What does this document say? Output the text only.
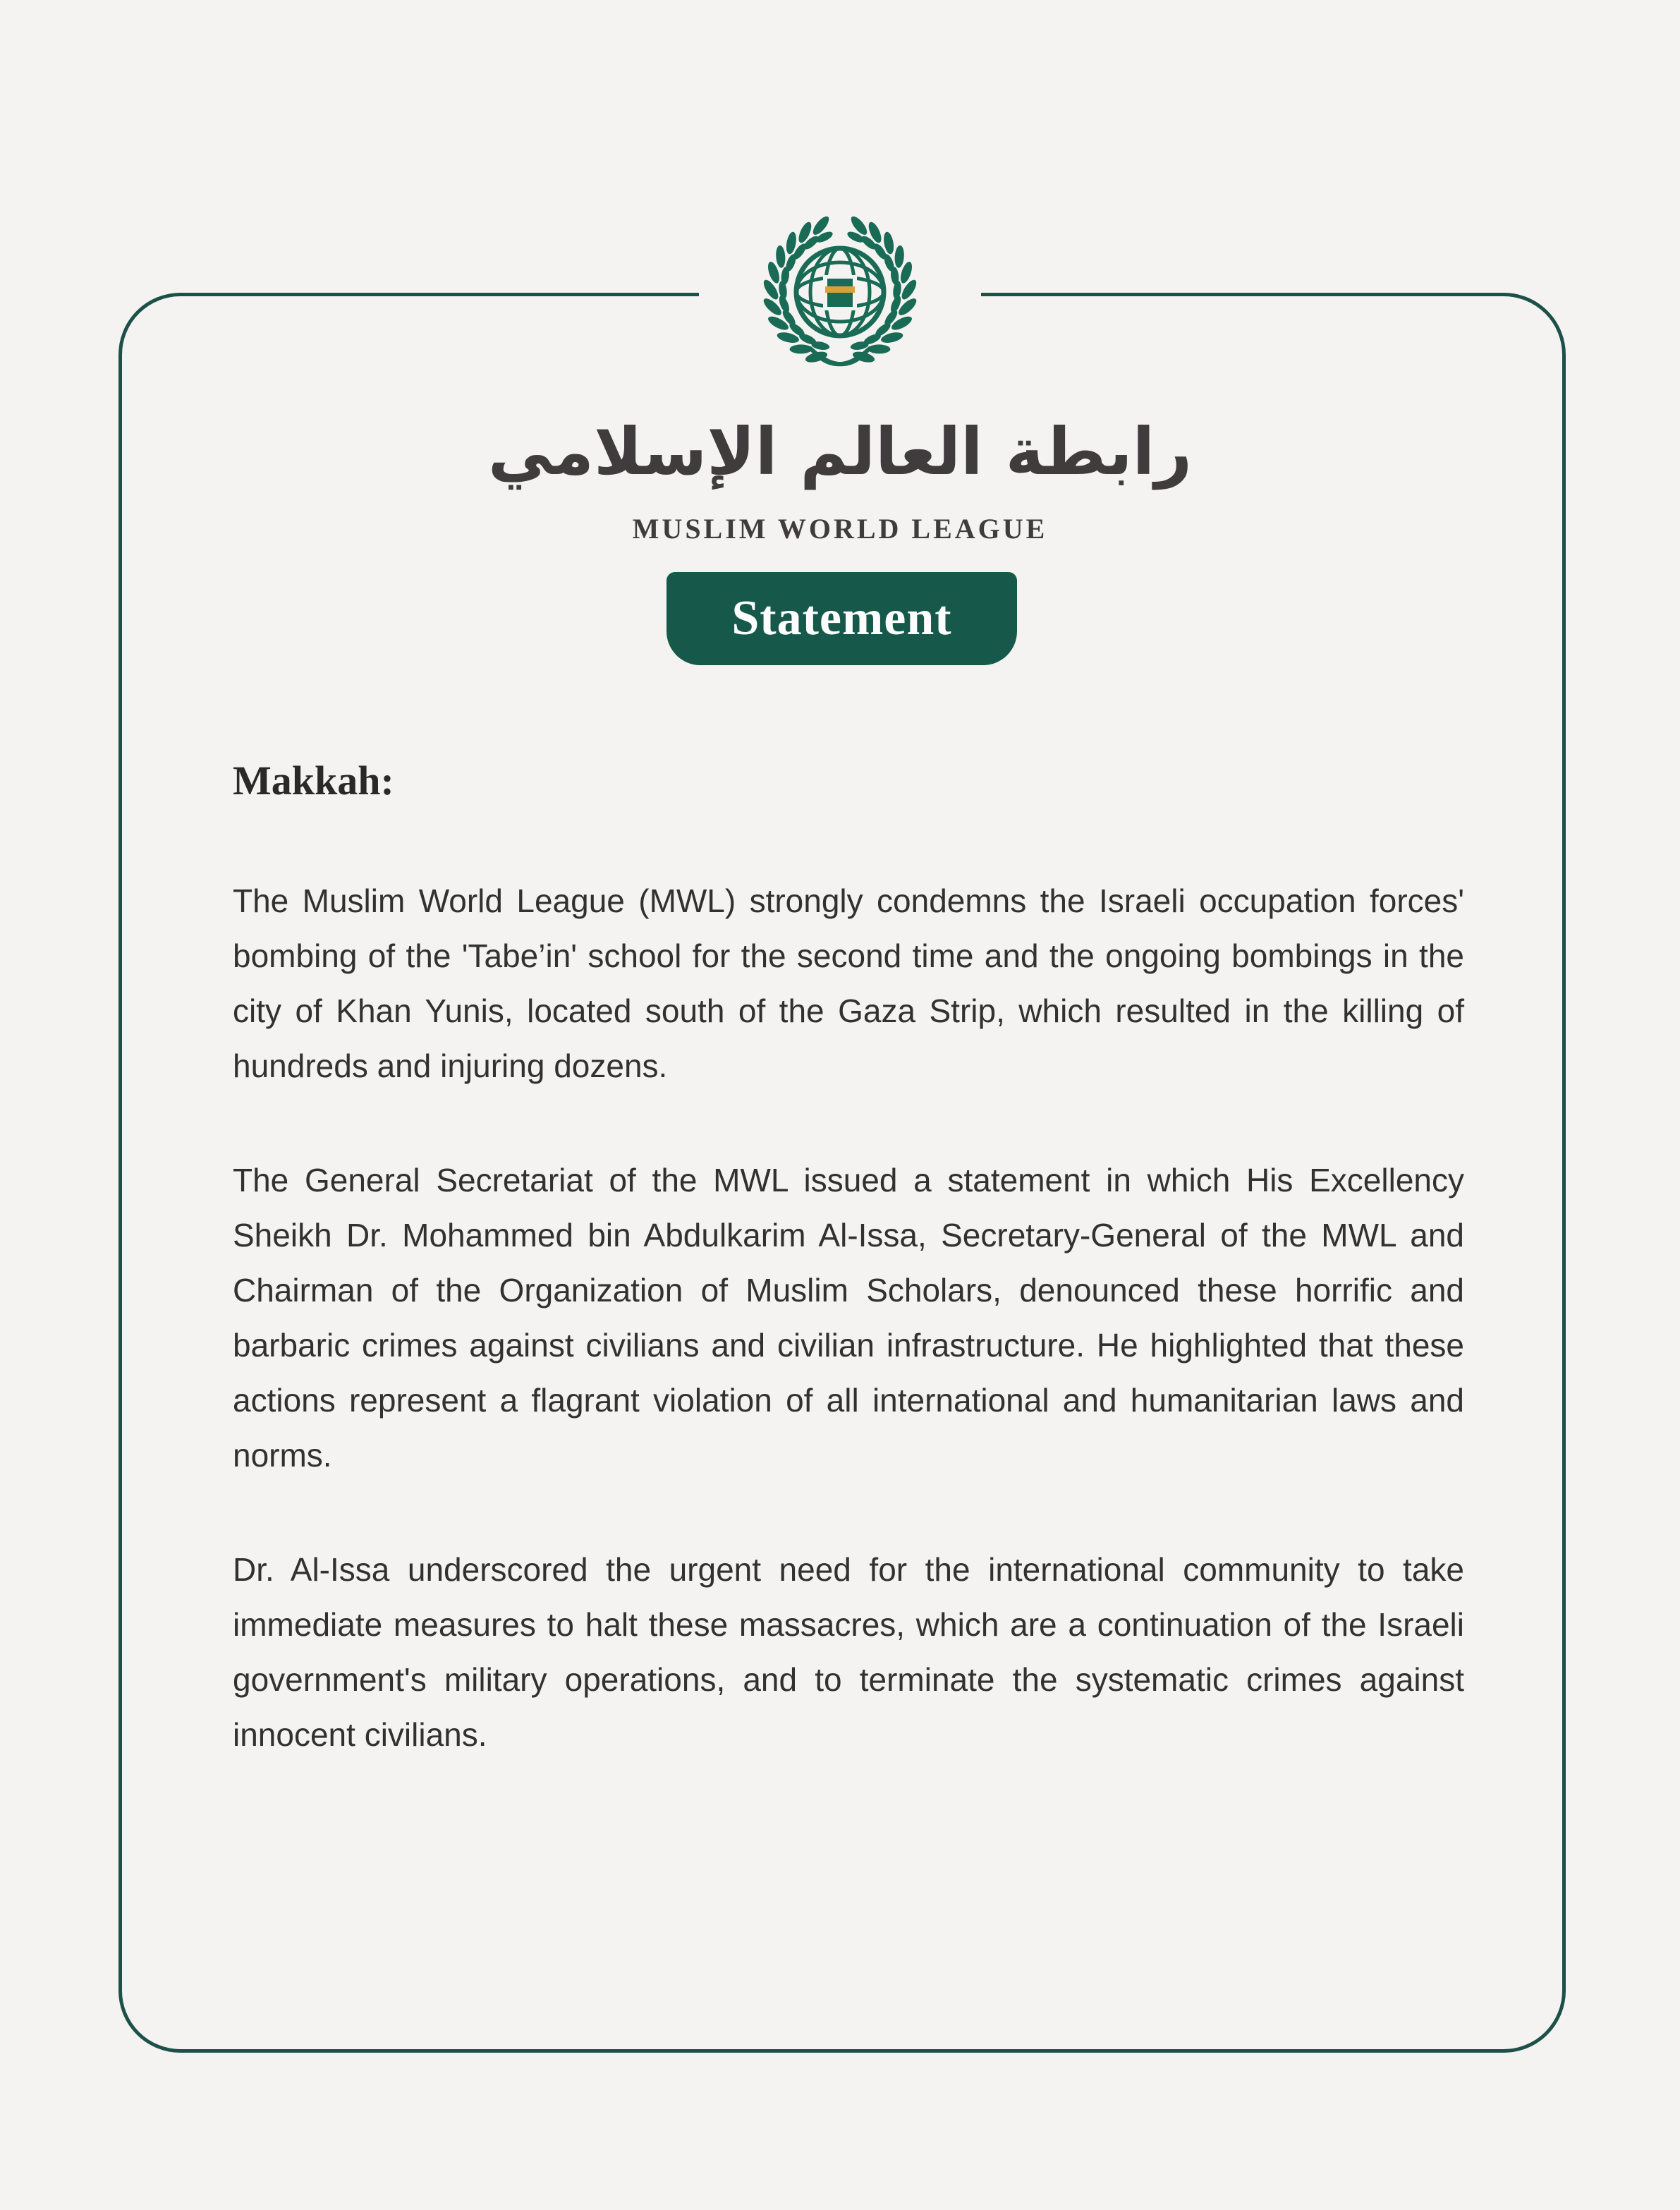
رابطة العالم الإسلامي
MUSLIM WORLD LEAGUE
Statement
Makkah:

The Muslim World League (MWL) strongly condemns the Israeli occupation forces' bombing of the 'Tabe’in' school for the second time and the ongoing bombings in the city of Khan Yunis, located south of the Gaza Strip, which resulted in the killing of hundreds and injuring dozens.

The General Secretariat of the MWL issued a statement in which His Excellency Sheikh Dr. Mohammed bin Abdulkarim Al-Issa, Secretary-General of the MWL and Chairman of the Organization of Muslim Scholars, denounced these horrific and barbaric crimes against civilians and civilian infrastructure. He highlighted that these actions represent a flagrant violation of all international and humanitarian laws and norms.

Dr. Al-Issa underscored the urgent need for the international community to take immediate measures to halt these massacres, which are a continuation of the Israeli government's military operations, and to terminate the systematic crimes against innocent civilians.
